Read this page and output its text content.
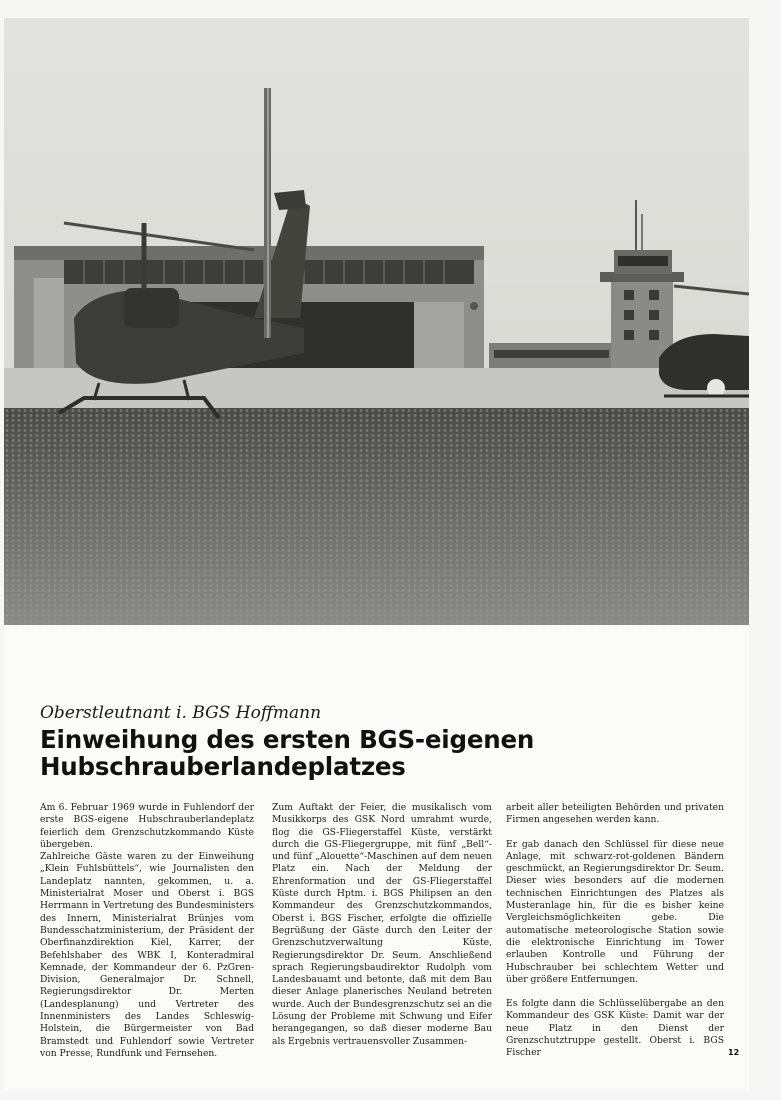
Oberstleutnant i. BGS Hoffmann
Einweihung des ersten BGS-eigenen
Hubschrauberlandeplatzes

Am 6. Februar 1969 wurde in Fuhlendorf der erste BGS-eigene Hubschrauberlandeplatz feierlich dem Grenzschutzkommando Küste übergeben.

Zahlreiche Gäste waren zu der Einweihung „Klein Fuhlsbüttels“, wie Journalisten den Landeplatz nannten, gekommen, u. a. Ministerialrat Moser und Oberst i. BGS Herrmann in Vertretung des Bundesministers des Innern, Ministerialrat Brünjes vom Bundesschatzministerium, der Präsident der Oberfinanzdirektion Kiel, Karrer, der Befehlshaber des WBK I, Konteradmiral Kemnade, der Kommandeur der 6. PzGren-Division, Generalmajor Dr. Schnell, Regierungsdirektor Dr. Merten (Landesplanung) und Vertreter des Innenministers des Landes Schleswig-Holstein, die Bürgermeister von Bad Bramstedt und Fuhlendorf sowie Vertreter von Presse, Rundfunk und Fernsehen.

Zum Auftakt der Feier, die musikalisch vom Musikkorps des GSK Nord umrahmt wurde, flog die GS-Fliegerstaffel Küste, verstärkt durch die GS-Fliegergruppe, mit fünf „Bell“- und fünf „Alouette“-Maschinen auf dem neuen Platz ein. Nach der Meldung der Ehrenformation und der GS-Fliegerstaffel Küste durch Hptm. i. BGS Philipsen an den Kommandeur des Grenzschutzkommandos, Oberst i. BGS Fischer, erfolgte die offizielle Begrüßung der Gäste durch den Leiter der Grenzschutzverwaltung Küste, Regierungsdirektor Dr. Seum. Anschließend sprach Regierungsbaudirektor Rudolph vom Landesbauamt und betonte, daß mit dem Bau dieser Anlage planerisches Neuland betreten wurde. Auch der Bundesgrenzschutz sei an die Lösung der Probleme mit Schwung und Eifer herangegangen, so daß dieser moderne Bau als Ergebnis vertrauensvoller Zusammen-

arbeit aller beteiligten Behörden und privaten Firmen angesehen werden kann.

Er gab danach den Schlüssel für diese neue Anlage, mit schwarz-rot-goldenen Bändern geschmückt, an Regierungsdirektor Dr. Seum. Dieser wies besonders auf die modernen technischen Einrichtungen des Platzes als Musteranlage hin, für die es bisher keine Vergleichsmöglichkeiten gebe. Die automatische meteorologische Station sowie die elektronische Einrichtung im Tower erlauben Kontrolle und Führung der Hubschrauber bei schlechtem Wetter und über größere Entfernungen.

Es folgte dann die Schlüsselübergabe an den Kommandeur des GSK Küste: Damit war der neue Platz in den Dienst der Grenzschutztruppe gestellt. Oberst i. BGS Fischer	12
